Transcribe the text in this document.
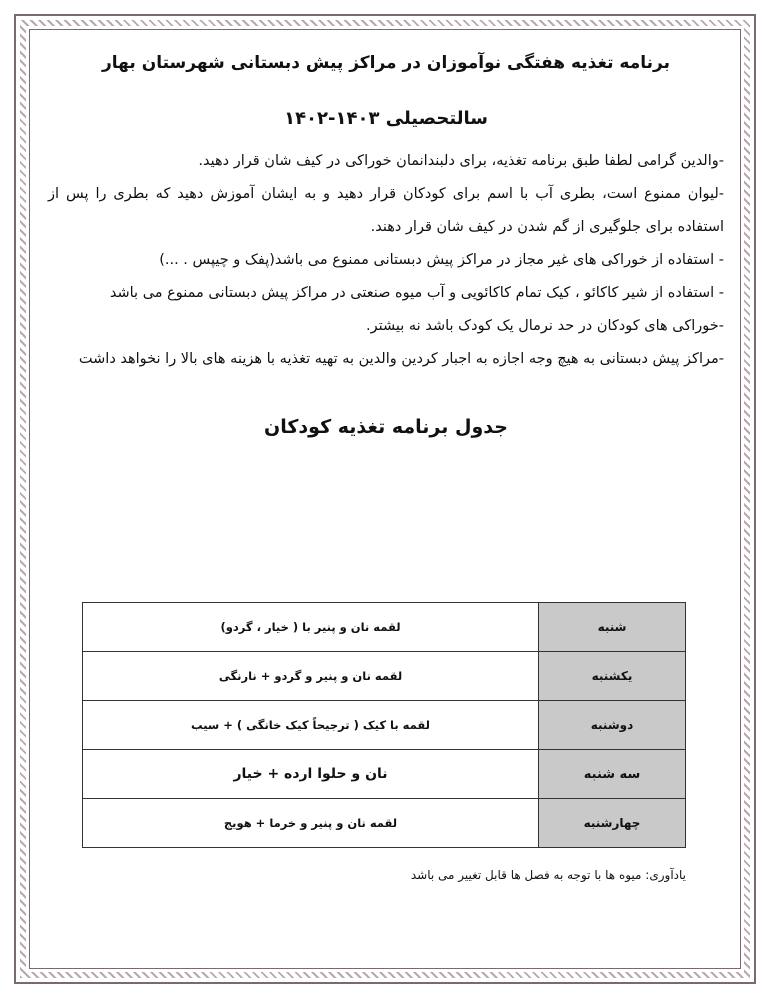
برنامه تغذیه هفتگی نوآموزان در مراکز پیش دبستانی شهرستان بهار
سالتحصیلی ۱۴۰۳-۱۴۰۲

-والدین گرامی لطفا طبق برنامه تغذیه، برای دلبندانمان خوراکی در کیف شان قرار دهید.

-لیوان ممنوع است، بطری آب با اسم برای کودکان قرار دهید و به ایشان آموزش دهید که بطری را پس از استفاده برای جلوگیری از گم شدن در کیف شان قرار دهند.

- استفاده از خوراکی های غیر مجاز در مراکز پیش دبستانی ممنوع می باشد(پفک و چیپس . ...)

- استفاده از شیر کاکائو ، کیک تمام کاکائویی و آب میوه صنعتی در مراکز پیش دبستانی ممنوع می باشد

-خوراکی های کودکان در حد نرمال یک کودک باشد نه بیشتر.

-مراکز پیش دبستانی به هیچ وجه اجازه به اجبار کردین والدین به تهیه تغذیه با هزینه های بالا را نخواهد داشت

جدول برنامه تغذیه کودکان
شنبه	لقمه نان و پنیر با ( خیار ، گردو)
یکشنبه	لقمه نان و پنیر و گردو + نارنگی
دوشنبه	لقمه با کیک ( ترجیحاً کیک خانگی ) + سیب
سه شنبه	نان و حلوا ارده + خیار
چهارشنبه	لقمه نان و پنیر و خرما + هویج
یادآوری: میوه ها با توجه به فصل ها قابل تغییر می باشد
